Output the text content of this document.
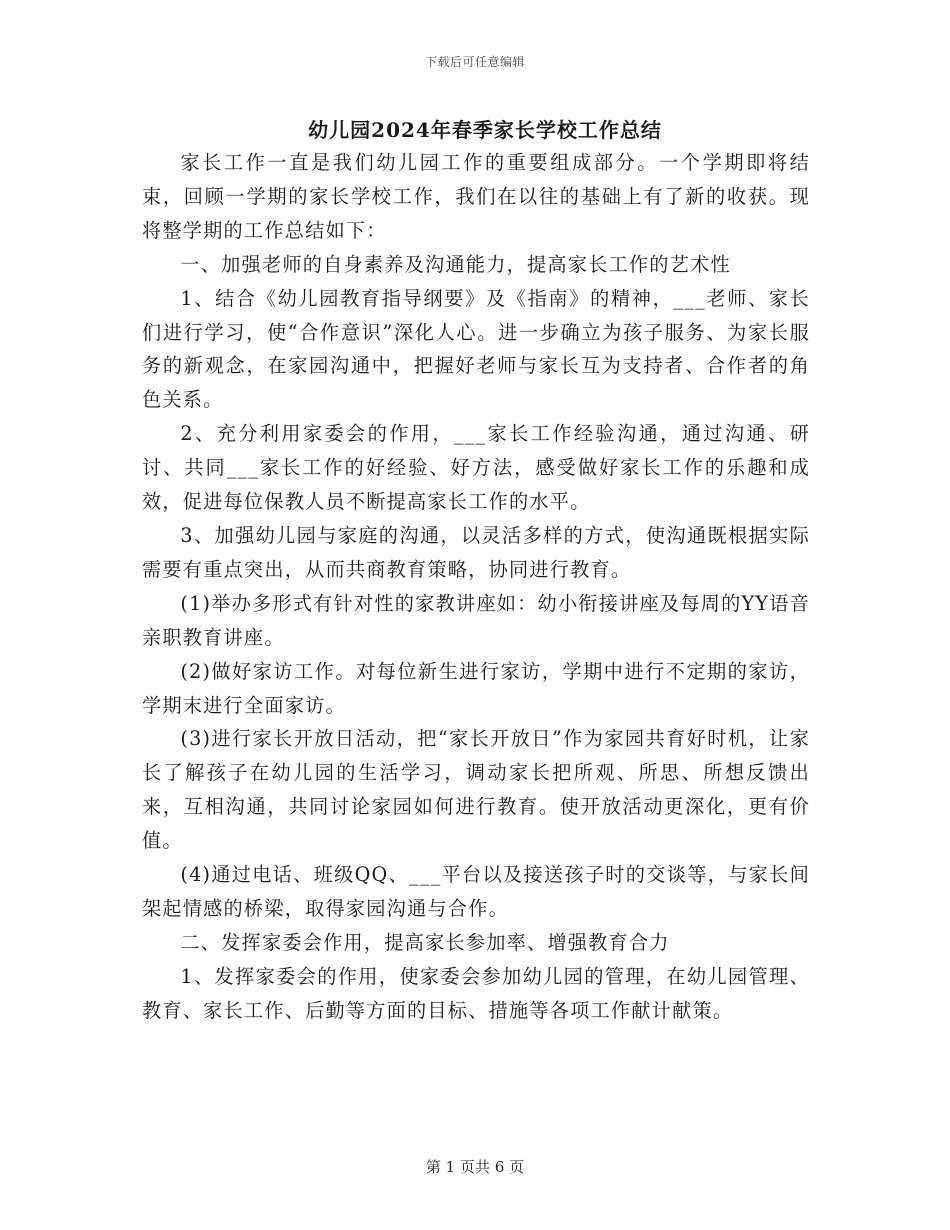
下载后可任意编辑
幼儿园2024年春季家长学校工作总结

家长工作一直是我们幼儿园工作的重要组成部分。一个学期即将结束，回顾一学期的家长学校工作，我们在以往的基础上有了新的收获。现将整学期的工作总结如下：

一、加强老师的自身素养及沟通能力，提高家长工作的艺术性

1、结合《幼儿园教育指导纲要》及《指南》的精神，___老师、家长们进行学习，使“合作意识”深化人心。进一步确立为孩子服务、为家长服务的新观念，在家园沟通中，把握好老师与家长互为支持者、合作者的角色关系。

2、充分利用家委会的作用，___家长工作经验沟通，通过沟通、研讨、共同___家长工作的好经验、好方法，感受做好家长工作的乐趣和成效，促进每位保教人员不断提高家长工作的水平。

3、加强幼儿园与家庭的沟通，以灵活多样的方式，使沟通既根据实际需要有重点突出，从而共商教育策略，协同进行教育。

(1)举办多形式有针对性的家教讲座如：幼小衔接讲座及每周的YY语音亲职教育讲座。

(2)做好家访工作。对每位新生进行家访，学期中进行不定期的家访，学期末进行全面家访。

(3)进行家长开放日活动，把“家长开放日”作为家园共育好时机，让家长了解孩子在幼儿园的生活学习，调动家长把所观、所思、所想反馈出来，互相沟通，共同讨论家园如何进行教育。使开放活动更深化，更有价值。

(4)通过电话、班级QQ、___平台以及接送孩子时的交谈等，与家长间架起情感的桥梁，取得家园沟通与合作。

二、发挥家委会作用，提高家长参加率、增强教育合力

1、发挥家委会的作用，使家委会参加幼儿园的管理，在幼儿园管理、教育、家长工作、后勤等方面的目标、措施等各项工作献计献策。

第 1 页共 6 页
